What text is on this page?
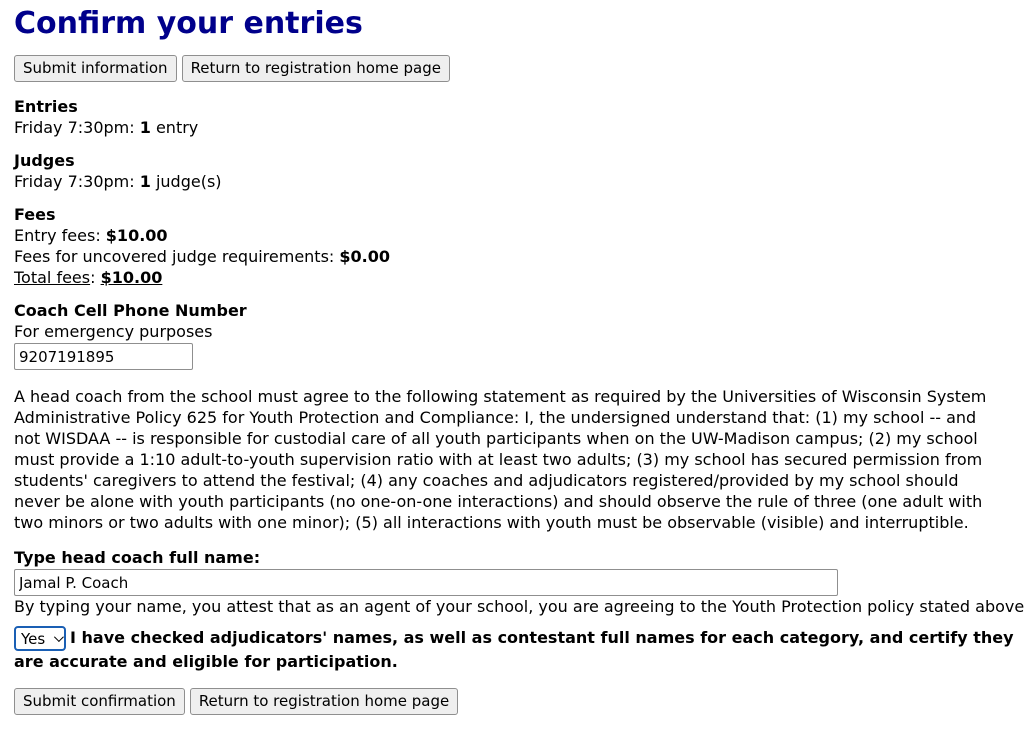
Confirm your entries
Submit information	Return to registration home page
Entries
Friday 7:30pm: 1 entry
Judges
Friday 7:30pm: 1 judge(s)
Fees
Entry fees: $10.00
Fees for uncovered judge requirements: $0.00
Total fees: $10.00
Coach Cell Phone Number
For emergency purposes
9207191895
A head coach from the school must agree to the following statement as required by the Universities of Wisconsin System Administrative Policy 625 for Youth Protection and Compliance: I, the undersigned understand that: (1) my school -- and not WISDAA -- is responsible for custodial care of all youth participants when on the UW-Madison campus; (2) my school must provide a 1:10 adult-to-youth supervision ratio with at least two adults; (3) my school has secured permission from students' caregivers to attend the festival; (4) any coaches and adjudicators registered/provided by my school should never be alone with youth participants (no one-on-one interactions) and should observe the rule of three (one adult with two minors or two adults with one minor); (5) all interactions with youth must be observable (visible) and interruptible.
Type head coach full name:
Jamal P. Coach
By typing your name, you attest that as an agent of your school, you are agreeing to the Youth Protection policy stated above
Yes I have checked adjudicators' names, as well as contestant full names for each category, and certify they are accurate and eligible for participation.
Submit confirmation	Return to registration home page
